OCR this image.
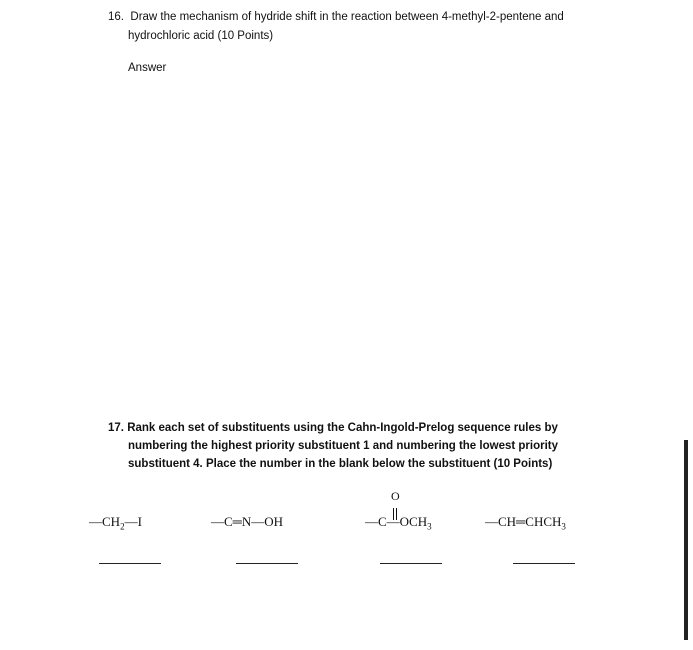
16. Draw the mechanism of hydride shift in the reaction between 4-methyl-2-pentene and
hydrochloric acid (10 Points)
Answer
17. Rank each set of substituents using the Cahn-Ingold-Prelog sequence rules by
numbering the highest priority substituent 1 and numbering the lowest priority
substituent 4. Place the number in the blank below the substituent (10 Points)
$—CH_2—I$	—C═N—OH
O
$—C—OCH_3$	$—CH═CHCH_3$
